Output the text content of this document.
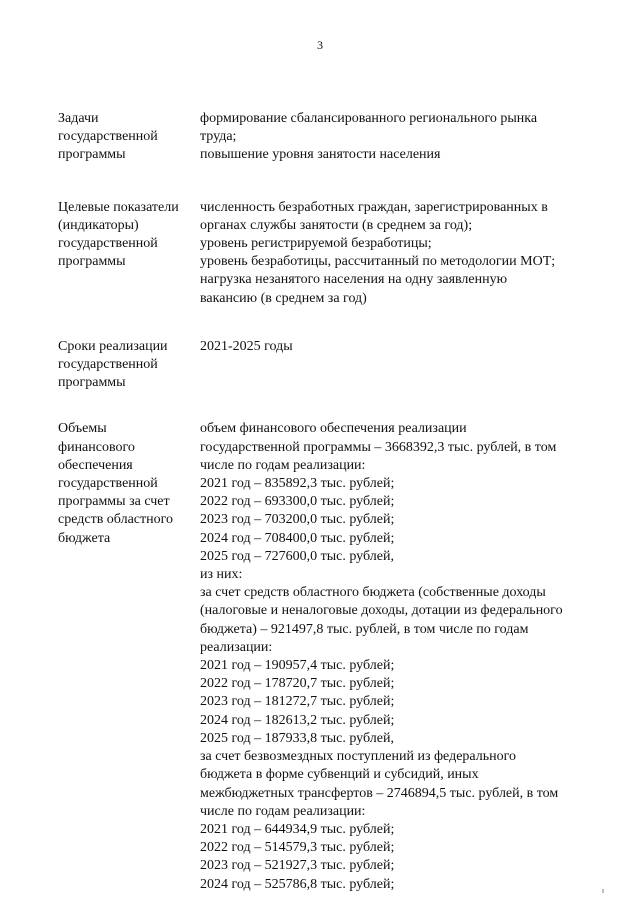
3
Задачи
государственной
программы
формирование сбалансированного регионального рынка
труда;
повышение уровня занятости населения
Целевые показатели
(индикаторы)
государственной
программы
численность безработных граждан, зарегистрированных в
органах службы занятости (в среднем за год);
уровень регистрируемой безработицы;
уровень безработицы, рассчитанный по методологии МОТ;
нагрузка незанятого населения на одну заявленную
вакансию (в среднем за год)
Сроки реализации
государственной
программы
2021-2025 годы
Объемы
финансового
обеспечения
государственной
программы за счет
средств областного
бюджета
объем финансового обеспечения реализации
государственной программы – 3668392,3 тыс. рублей, в том
числе по годам реализации:
2021 год – 835892,3 тыс. рублей;
2022 год – 693300,0 тыс. рублей;
2023 год – 703200,0 тыс. рублей;
2024 год – 708400,0 тыс. рублей;
2025 год – 727600,0 тыс. рублей,
из них:
за счет средств областного бюджета (собственные доходы
(налоговые и неналоговые доходы, дотации из федерального
бюджета) – 921497,8 тыс. рублей, в том числе по годам
реализации:
2021 год – 190957,4 тыс. рублей;
2022 год – 178720,7 тыс. рублей;
2023 год – 181272,7 тыс. рублей;
2024 год – 182613,2 тыс. рублей;
2025 год – 187933,8 тыс. рублей,
за счет безвозмездных поступлений из федерального
бюджета в форме субвенций и субсидий, иных
межбюджетных трансфертов – 2746894,5 тыс. рублей, в том
числе по годам реализации:
2021 год – 644934,9 тыс. рублей;
2022 год – 514579,3 тыс. рублей;
2023 год – 521927,3 тыс. рублей;
2024 год – 525786,8 тыс. рублей;
